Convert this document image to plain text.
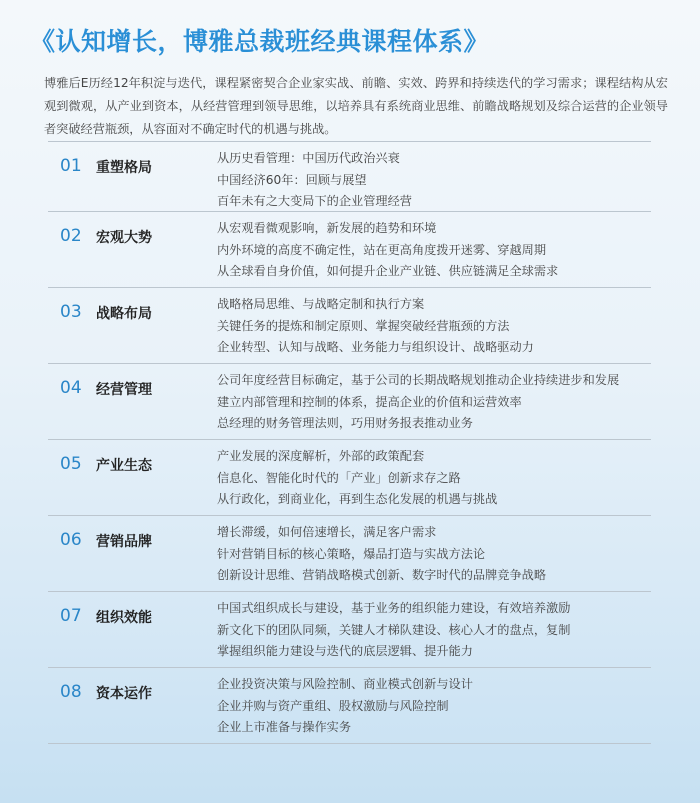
《认知增长，博雅总裁班经典课程体系》
博雅后E历经12年积淀与迭代，课程紧密契合企业家实战、前瞻、实效、跨界和持续迭代的学习需求；课程结构从宏观到微观，从产业到资本，从经营管理到领导思维，以培养具有系统商业思维、前瞻战略规划及综合运营的企业领导者突破经营瓶颈，从容面对不确定时代的机遇与挑战。
01 重塑格局
从历史看管理：中国历代政治兴衰
中国经济60年：回顾与展望
百年未有之大变局下的企业管理经营
02 宏观大势
从宏观看微观影响，新发展的趋势和环境
内外环境的高度不确定性，站在更高角度拨开迷雾、穿越周期
从全球看自身价值，如何提升企业产业链、供应链满足全球需求
03 战略布局
战略格局思维、与战略定制和执行方案
关键任务的提炼和制定原则、掌握突破经营瓶颈的方法
企业转型、认知与战略、业务能力与组织设计、战略驱动力
04 经营管理
公司年度经营目标确定，基于公司的长期战略规划推动企业持续进步和发展
建立内部管理和控制的体系，提高企业的价值和运营效率
总经理的财务管理法则，巧用财务报表推动业务
05 产业生态
产业发展的深度解析，外部的政策配套
信息化、智能化时代的「产业」创新求存之路
从行政化，到商业化，再到生态化发展的机遇与挑战
06 营销品牌
增长滞缓，如何倍速增长，满足客户需求
针对营销目标的核心策略，爆品打造与实战方法论
创新设计思维、营销战略模式创新、数字时代的品牌竞争战略
07 组织效能
中国式组织成长与建设，基于业务的组织能力建设，有效培养激励
新文化下的团队同频，关键人才梯队建设、核心人才的盘点，复制
掌握组织能力建设与迭代的底层逻辑、提升能力
08 资本运作
企业投资决策与风险控制、商业模式创新与设计
企业并购与资产重组、股权激励与风险控制
企业上市准备与操作实务
